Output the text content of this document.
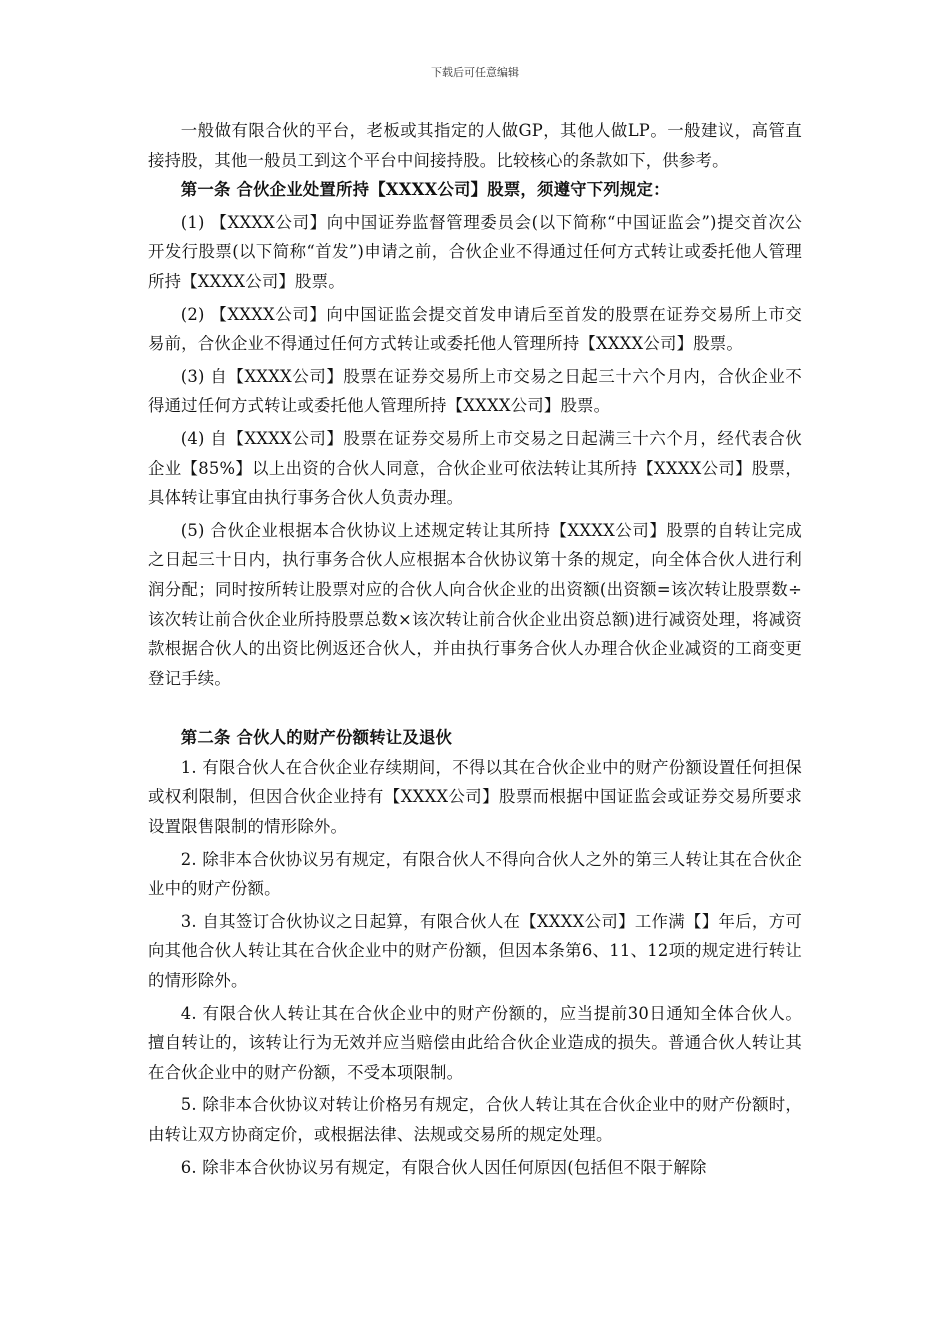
下载后可任意编辑

一般做有限合伙的平台，老板或其指定的人做GP，其他人做LP。一般建议，高管直接持股，其他一般员工到这个平台中间接持股。比较核心的条款如下，供参考。

第一条 合伙企业处置所持【XXXX公司】股票，须遵守下列规定：

(1) 【XXXX公司】向中国证券监督管理委员会(以下简称“中国证监会”)提交首次公开发行股票(以下简称“首发”)申请之前，合伙企业不得通过任何方式转让或委托他人管理所持【XXXX公司】股票。

(2) 【XXXX公司】向中国证监会提交首发申请后至首发的股票在证券交易所上市交易前，合伙企业不得通过任何方式转让或委托他人管理所持【XXXX公司】股票。

(3) 自【XXXX公司】股票在证券交易所上市交易之日起三十六个月内，合伙企业不得通过任何方式转让或委托他人管理所持【XXXX公司】股票。

(4) 自【XXXX公司】股票在证券交易所上市交易之日起满三十六个月，经代表合伙企业【85%】以上出资的合伙人同意，合伙企业可依法转让其所持【XXXX公司】股票，具体转让事宜由执行事务合伙人负责办理。

(5) 合伙企业根据本合伙协议上述规定转让其所持【XXXX公司】股票的自转让完成之日起三十日内，执行事务合伙人应根据本合伙协议第十条的规定，向全体合伙人进行利润分配；同时按所转让股票对应的合伙人向合伙企业的出资额(出资额=该次转让股票数÷该次转让前合伙企业所持股票总数×该次转让前合伙企业出资总额)进行减资处理，将减资款根据合伙人的出资比例返还合伙人，并由执行事务合伙人办理合伙企业减资的工商变更登记手续。

第二条 合伙人的财产份额转让及退伙

1. 有限合伙人在合伙企业存续期间，不得以其在合伙企业中的财产份额设置任何担保或权利限制，但因合伙企业持有【XXXX公司】股票而根据中国证监会或证券交易所要求设置限售限制的情形除外。

2. 除非本合伙协议另有规定，有限合伙人不得向合伙人之外的第三人转让其在合伙企业中的财产份额。

3. 自其签订合伙协议之日起算，有限合伙人在【XXXX公司】工作满【】年后，方可向其他合伙人转让其在合伙企业中的财产份额，但因本条第6、11、12项的规定进行转让的情形除外。

4. 有限合伙人转让其在合伙企业中的财产份额的，应当提前30日通知全体合伙人。擅自转让的，该转让行为无效并应当赔偿由此给合伙企业造成的损失。普通合伙人转让其在合伙企业中的财产份额，不受本项限制。

5. 除非本合伙协议对转让价格另有规定，合伙人转让其在合伙企业中的财产份额时，由转让双方协商定价，或根据法律、法规或交易所的规定处理。

6. 除非本合伙协议另有规定，有限合伙人因任何原因(包括但不限于解除
